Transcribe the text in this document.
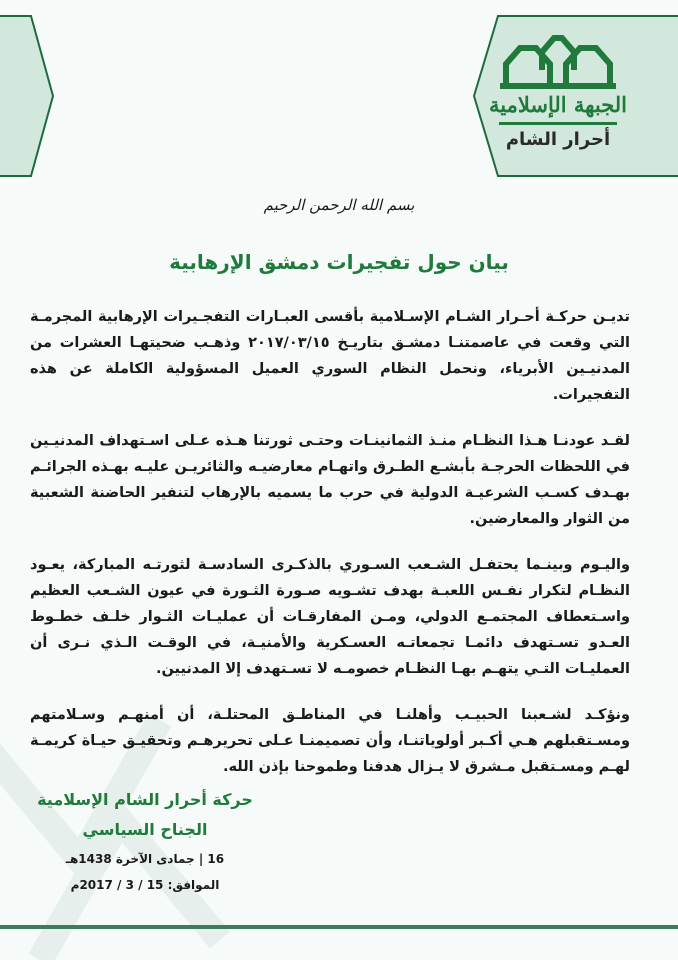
الجبهة الإسلامية
أحرار الشام
بسم الله الرحمن الرحيم
بيان حول تفجيرات دمشق الإرهابية

تديـن حركـة أحـرار الشـام الإسـلامية بأقسى العبـارات التفجـيرات الإرهابية المجرمـة التي وقعت في عاصمتنـا دمشـق بتاريـخ ٢٠١٧/٠٣/١٥ وذهـب ضحيتهـا العشرات من المدنيـين الأبرياء، ونحمل النظام السوري العميل المسؤولية الكاملة عن هذه التفجيرات.

لقـد عودنـا هـذا النظـام منـذ الثمانينـات وحتـى ثورتنا هـذه عـلى اسـتهداف المدنيـين في اللحظات الحرجـة بأبشـع الطـرق واتهـام معارضيـه والثائريـن عليـه بهـذه الجرائـم بهـدف كسـب الشرعيـة الدولية في حرب ما يسميه بالإرهاب لتنفير الحاضنة الشعبية من الثوار والمعارضين.

واليـوم وبينـما يحتفـل الشـعب السـوري بالذكـرى السادسـة لثورتـه المباركة، يعـود النظـام لتكرار نفـس اللعبـة بهدف تشـويه صـورة الثـورة في عيون الشـعب العظيم واسـتعطاف المجتمـع الدولي، ومـن المفارقـات أن عمليـات الثـوار خلـف خطـوط العـدو تسـتهدف دائمـا تجمعاتـه العسـكرية والأمنيـة، في الوقـت الـذي نـرى أن العمليـات التـي يتهـم بهـا النظـام خصومـه لا تسـتهدف إلا المدنيين.

ونؤكـد لشـعبنا الحبيـب وأهلنـا في المناطـق المحتلـة، أن أمنهـم وسـلامتهم ومسـتقبلهم هـي أكـبر أولوياتنـا، وأن تصميمنـا عـلى تحريرهـم وتحقيـق حيـاة كريمـة لهـم ومسـتقبل مـشرق لا يـزال هدفنا وطموحنا بإذن الله.

حركة أحرار الشام الإسلامية
الجناح السياسي
16 | جمادى الآخرة 1438هـ
الموافق: 15 / 3 / 2017م
